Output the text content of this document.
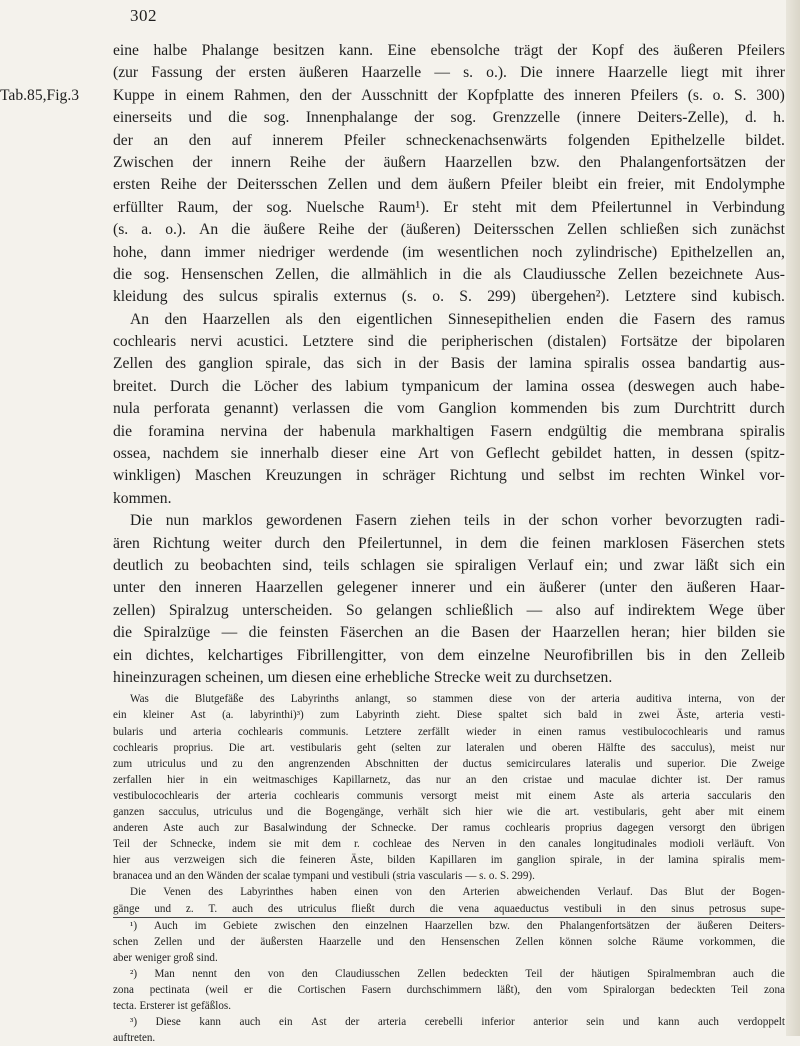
302
eine halbe Phalange besitzen kann. Eine ebensolche trägt der Kopf des äußeren Pfeilers
(zur Fassung der ersten äußeren Haarzelle — s. o.). Die innere Haarzelle liegt mit ihrer
Kuppe in einem Rahmen, den der Ausschnitt der Kopfplatte des inneren Pfeilers (s. o. S. 300)
einerseits und die sog. Innenphalange der sog. Grenzzelle (innere Deiters-Zelle), d. h.
der an den auf innerem Pfeiler schneckenachsenwärts folgenden Epithelzelle bildet.
Zwischen der innern Reihe der äußern Haarzellen bzw. den Phalangenfortsätzen der
ersten Reihe der Deitersschen Zellen und dem äußern Pfeiler bleibt ein freier, mit Endolymphe
erfüllter Raum, der sog. Nuelsche Raum¹). Er steht mit dem Pfeilertunnel in Verbindung
(s. a. o.). An die äußere Reihe der (äußeren) Deitersschen Zellen schließen sich zunächst
hohe, dann immer niedriger werdende (im wesentlichen noch zylindrische) Epithelzellen an,
die sog. Hensenschen Zellen, die allmählich in die als Claudiussche Zellen bezeichnete Aus-
kleidung des sulcus spiralis externus (s. o. S. 299) übergehen²). Letztere sind kubisch.
An den Haarzellen als den eigentlichen Sinnesepithelien enden die Fasern des ramus
cochlearis nervi acustici. Letztere sind die peripherischen (distalen) Fortsätze der bipolaren
Zellen des ganglion spirale, das sich in der Basis der lamina spiralis ossea bandartig aus-
breitet. Durch die Löcher des labium tympanicum der lamina ossea (deswegen auch habe-
nula perforata genannt) verlassen die vom Ganglion kommenden bis zum Durchtritt durch
die foramina nervina der habenula markhaltigen Fasern endgültig die membrana spiralis
ossea, nachdem sie innerhalb dieser eine Art von Geflecht gebildet hatten, in dessen (spitz-
winkligen) Maschen Kreuzungen in schräger Richtung und selbst im rechten Winkel vor-
kommen.
Die nun marklos gewordenen Fasern ziehen teils in der schon vorher bevorzugten radi-
ären Richtung weiter durch den Pfeilertunnel, in dem die feinen marklosen Fäserchen stets
deutlich zu beobachten sind, teils schlagen sie spiraligen Verlauf ein; und zwar läßt sich ein
unter den inneren Haarzellen gelegener innerer und ein äußerer (unter den äußeren Haar-
zellen) Spiralzug unterscheiden. So gelangen schließlich — also auf indirektem Wege über
die Spiralzüge — die feinsten Fäserchen an die Basen der Haarzellen heran; hier bilden sie
ein dichtes, kelchartiges Fibrillengitter, von dem einzelne Neurofibrillen bis in den Zelleib
hineinzuragen scheinen, um diesen eine erhebliche Strecke weit zu durchsetzen.
Was die Blutgefäße des Labyrinths anlangt, so stammen diese von der arteria auditiva interna, von der
ein kleiner Ast (a. labyrinthi)³) zum Labyrinth zieht. Diese spaltet sich bald in zwei Äste, arteria vesti-
bularis und arteria cochlearis communis. Letztere zerfällt wieder in einen ramus vestibulocochlearis und ramus
cochlearis proprius. Die art. vestibularis geht (selten zur lateralen und oberen Hälfte des sacculus), meist nur
zum utriculus und zu den angrenzenden Abschnitten der ductus semicirculares lateralis und superior. Die Zweige
zerfallen hier in ein weitmaschiges Kapillarnetz, das nur an den cristae und maculae dichter ist. Der ramus
vestibulocochlearis der arteria cochlearis communis versorgt meist mit einem Aste als arteria saccularis den
ganzen sacculus, utriculus und die Bogengänge, verhält sich hier wie die art. vestibularis, geht aber mit einem
anderen Aste auch zur Basalwindung der Schnecke. Der ramus cochlearis proprius dagegen versorgt den übrigen
Teil der Schnecke, indem sie mit dem r. cochleae des Nerven in den canales longitudinales modioli verläuft. Von
hier aus verzweigen sich die feineren Äste, bilden Kapillaren im ganglion spirale, in der lamina spiralis mem-
branacea und an den Wänden der scalae tympani und vestibuli (stria vascularis — s. o. S. 299).
Die Venen des Labyrinthes haben einen von den Arterien abweichenden Verlauf. Das Blut der Bogen-
gänge und z. T. auch des utriculus fließt durch die vena aquaeductus vestibuli in den sinus petrosus supe-
¹) Auch im Gebiete zwischen den einzelnen Haarzellen bzw. den Phalangenfortsätzen der äußeren Deiters-
schen Zellen und der äußersten Haarzelle und den Hensenschen Zellen können solche Räume vorkommen, die
aber weniger groß sind.
²) Man nennt den von den Claudiusschen Zellen bedeckten Teil der häutigen Spiralmembran auch die
zona pectinata (weil er die Cortischen Fasern durchschimmern läßt), den vom Spiralorgan bedeckten Teil zona
tecta. Ersterer ist gefäßlos.
³) Diese kann auch ein Ast der arteria cerebelli inferior anterior sein und kann auch verdoppelt
auftreten.
Tab.85,Fig.3
